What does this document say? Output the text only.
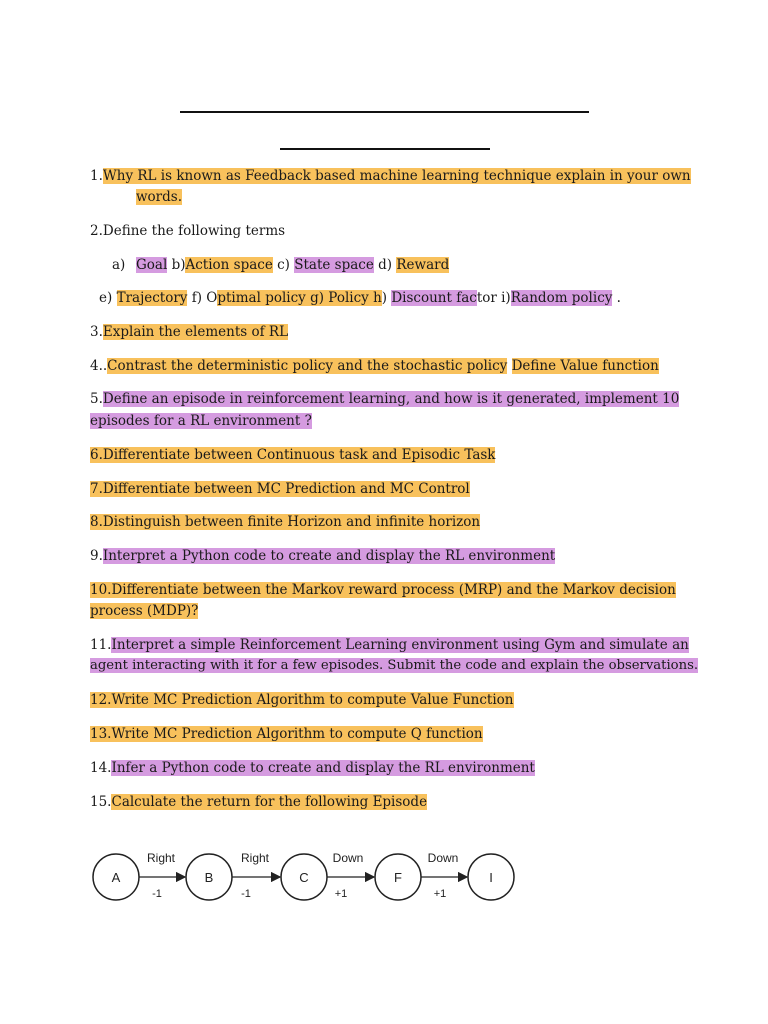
1.Why RL is known as Feedback based machine learning technique explain in your own
words.
2.Define the following terms
a) Goal b)Action space c) State space d) Reward
e) Trajectory f) Optimal policy g) Policy h) Discount factor i)Random policy .
3.Explain the elements of RL
4..Contrast the deterministic policy and the stochastic policy Define Value function
5.Define an episode in reinforcement learning, and how is it generated, implement 10
episodes for a RL environment ?
6.Differentiate between Continuous task and Episodic Task
7.Differentiate between MC Prediction and MC Control
8.Distinguish between finite Horizon and infinite horizon
9.Interpret a Python code to create and display the RL environment
10.Differentiate between the Markov reward process (MRP) and the Markov decision
process (MDP)?
11.Interpret a simple Reinforcement Learning environment using Gym and simulate an
agent interacting with it for a few episodes. Submit the code and explain the observations.
12.Write MC Prediction Algorithm to compute Value Function
13.Write MC Prediction Algorithm to compute Q function
14.Infer a Python code to create and display the RL environment
15.Calculate the return for the following Episode
A	B	C	F	I
Right	Right	Down	Down
-1	-1	+1	+1
